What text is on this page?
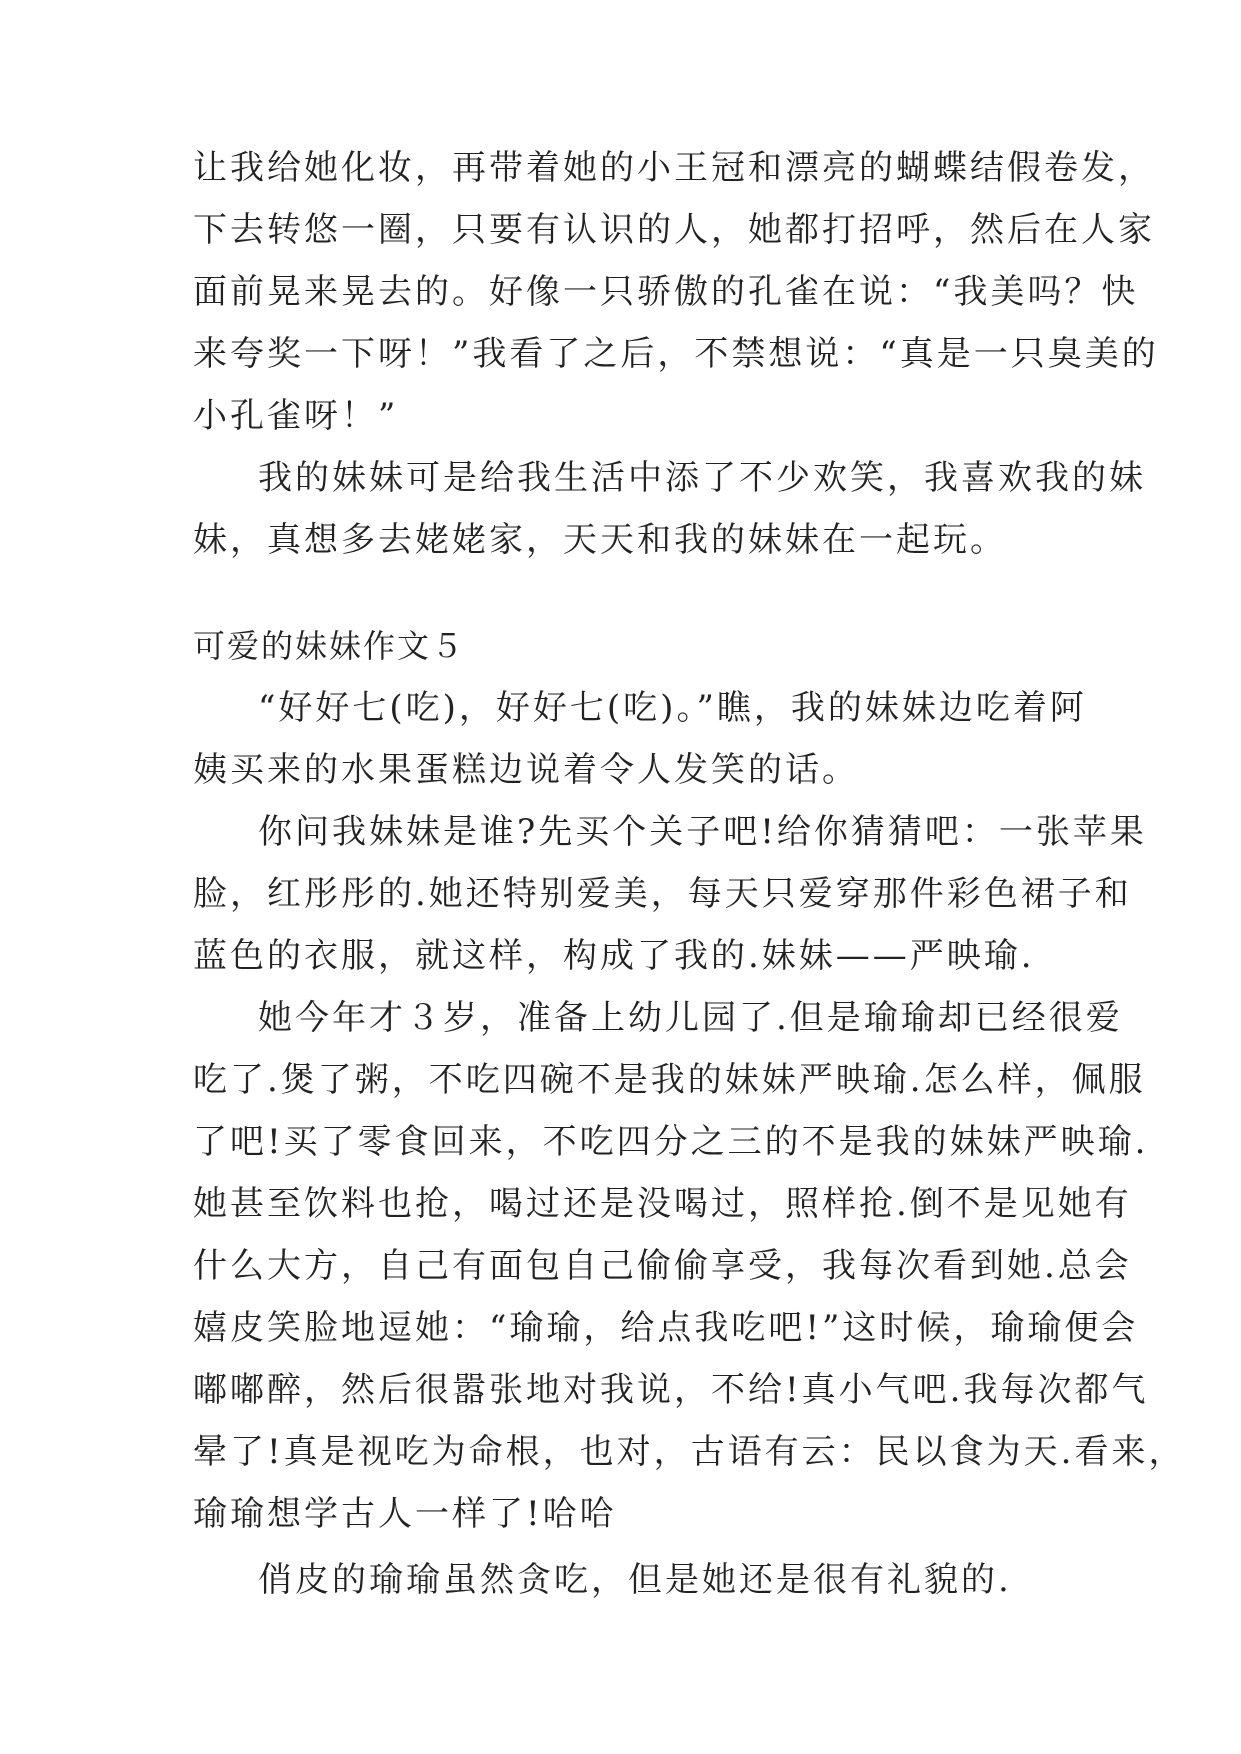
让我给她化妆，再带着她的小王冠和漂亮的蝴蝶结假卷发，
下去转悠一圈，只要有认识的人，她都打招呼，然后在人家
面前晃来晃去的。好像一只骄傲的孔雀在说：“我美吗？快
来夸奖一下呀！”我看了之后，不禁想说：“真是一只臭美的
小孔雀呀！”
我的妹妹可是给我生活中添了不少欢笑，我喜欢我的妹
妹，真想多去姥姥家，天天和我的妹妹在一起玩。
可爱的妹妹作文５
“好好七(吃)，好好七(吃)。”瞧，我的妹妹边吃着阿
姨买来的水果蛋糕边说着令人发笑的话。
你问我妹妹是谁?先买个关子吧!给你猜猜吧：一张苹果
脸，红彤彤的.她还特别爱美，每天只爱穿那件彩色裙子和
蓝色的衣服，就这样，构成了我的.妹妹——严映瑜.
她今年才３岁，准备上幼儿园了.但是瑜瑜却已经很爱
吃了.煲了粥，不吃四碗不是我的妹妹严映瑜.怎么样，佩服
了吧!买了零食回来，不吃四分之三的不是我的妹妹严映瑜.
她甚至饮料也抢，喝过还是没喝过，照样抢.倒不是见她有
什么大方，自己有面包自己偷偷享受，我每次看到她.总会
嬉皮笑脸地逗她：“瑜瑜，给点我吃吧!”这时候，瑜瑜便会
嘟嘟醉，然后很嚣张地对我说，不给!真小气吧.我每次都气
晕了!真是视吃为命根，也对，古语有云：民以食为天.看来，
瑜瑜想学古人一样了!哈哈
俏皮的瑜瑜虽然贪吃，但是她还是很有礼貌的.
